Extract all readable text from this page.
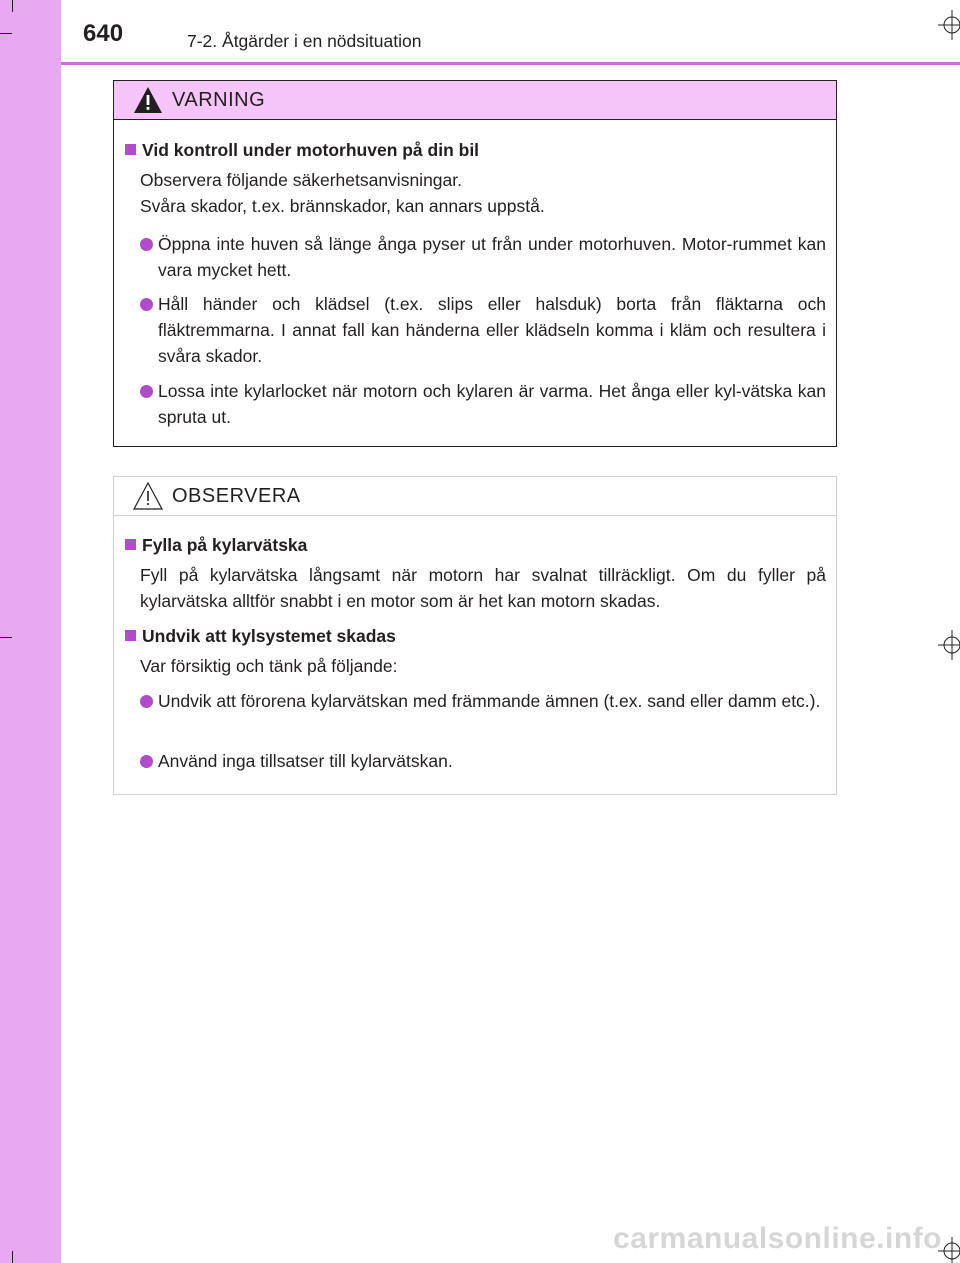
640	7-2. Åtgärder i en nödsituation
VARNING
Vid kontroll under motorhuven på din bil
Observera följande säkerhetsanvisningar.
Svåra skador, t.ex. brännskador, kan annars uppstå.
Öppna inte huven så länge ånga pyser ut från under motorhuven. Motor-rummet kan vara mycket hett.
Håll händer och klädsel (t.ex. slips eller halsduk) borta från fläktarna och fläktremmarna. I annat fall kan händerna eller klädseln komma i kläm och resultera i svåra skador.
Lossa inte kylarlocket när motorn och kylaren är varma. Het ånga eller kyl-vätska kan spruta ut.
OBSERVERA
Fylla på kylarvätska
Fyll på kylarvätska långsamt när motorn har svalnat tillräckligt. Om du fyller på kylarvätska alltför snabbt i en motor som är het kan motorn skadas.
Undvik att kylsystemet skadas
Var försiktig och tänk på följande:
Undvik att förorena kylarvätskan med främmande ämnen (t.ex. sand eller damm etc.).
Använd inga tillsatser till kylarvätskan.
carmanualsonline.info
